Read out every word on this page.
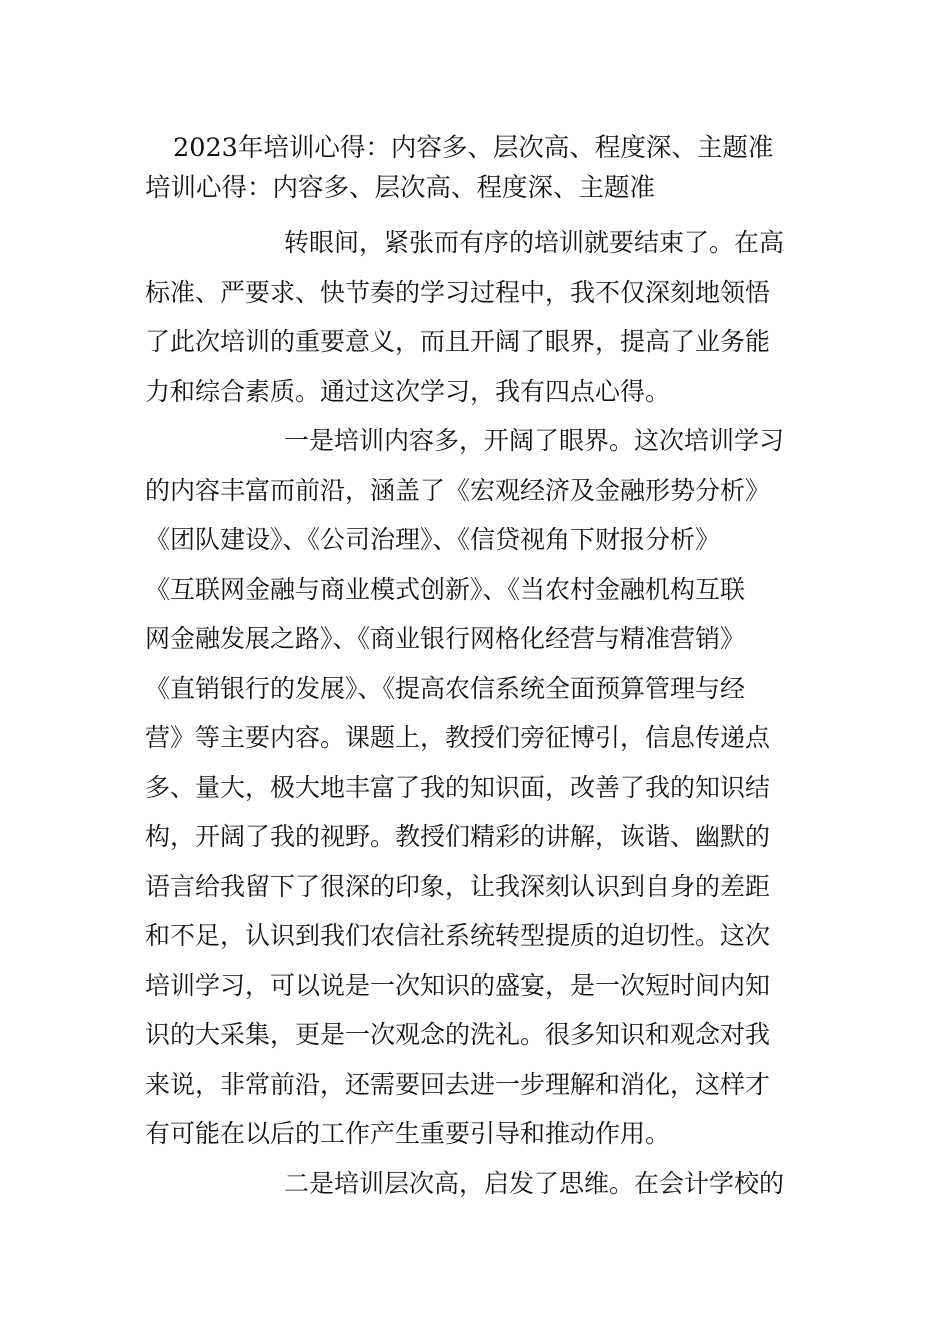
2023年培训心得：内容多、层次高、程度深、主题准
培训心得：内容多、层次高、程度深、主题准
转眼间，紧张而有序的培训就要结束了。在高
标准、严要求、快节奏的学习过程中，我不仅深刻地领悟
了此次培训的重要意义，而且开阔了眼界，提高了业务能
力和综合素质。通过这次学习，我有四点心得。
一是培训内容多，开阔了眼界。这次培训学习
的内容丰富而前沿，涵盖了《宏观经济及金融形势分析》
《团队建设》、《公司治理》、《信贷视角下财报分析》
《互联网金融与商业模式创新》、《当农村金融机构互联
网金融发展之路》、《商业银行网格化经营与精准营销》
《直销银行的发展》、《提高农信系统全面预算管理与经
营》等主要内容。课题上，教授们旁征博引，信息传递点
多、量大，极大地丰富了我的知识面，改善了我的知识结
构，开阔了我的视野。教授们精彩的讲解，诙谐、幽默的
语言给我留下了很深的印象，让我深刻认识到自身的差距
和不足，认识到我们农信社系统转型提质的迫切性。这次
培训学习，可以说是一次知识的盛宴，是一次短时间内知
识的大采集，更是一次观念的洗礼。很多知识和观念对我
来说，非常前沿，还需要回去进一步理解和消化，这样才
有可能在以后的工作产生重要引导和推动作用。
二是培训层次高，启发了思维。在会计学校的
